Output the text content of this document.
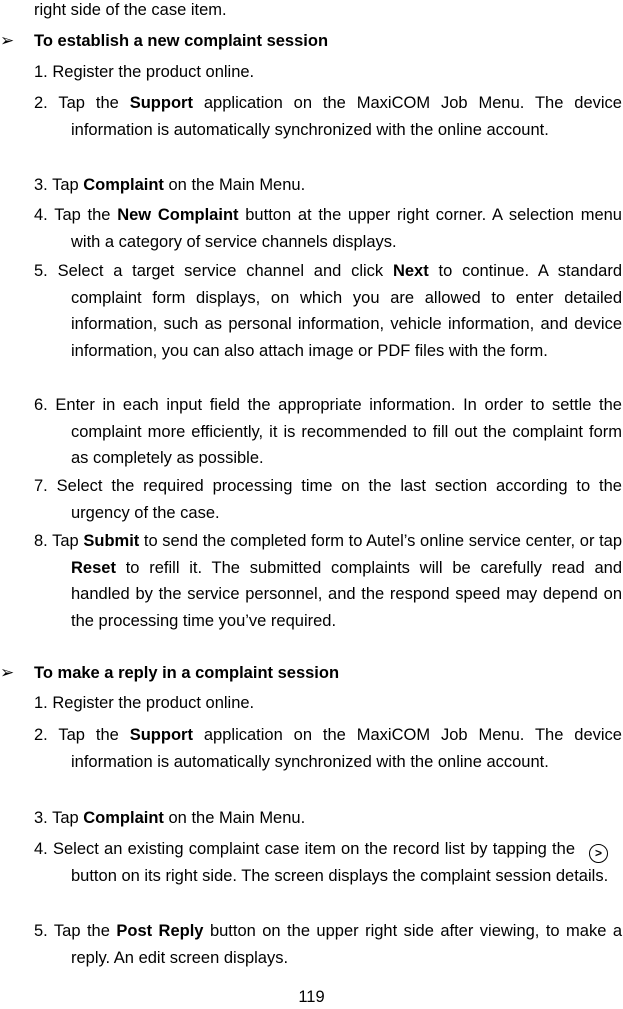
right side of the case item.

➢	To establish a new complaint session

1. Register the product online.

2. Tap the Support application on the MaxiCOM Job Menu. The device information is automatically synchronized with the online account.

3. Tap Complaint on the Main Menu.

4. Tap the New Complaint button at the upper right corner. A selection menu with a category of service channels displays.

5. Select a target service channel and click Next to continue. A standard complaint form displays, on which you are allowed to enter detailed information, such as personal information, vehicle information, and device information, you can also attach image or PDF files with the form.

6. Enter in each input field the appropriate information. In order to settle the complaint more efficiently, it is recommended to fill out the complaint form as completely as possible.

7. Select the required processing time on the last section according to the urgency of the case.

8. Tap Submit to send the completed form to Autel’s online service center, or tap Reset to refill it. The submitted complaints will be carefully read and handled by the service personnel, and the respond speed may depend on the processing time you’ve required.

➢	To make a reply in a complaint session

1. Register the product online.

2. Tap the Support application on the MaxiCOM Job Menu. The device information is automatically synchronized with the online account.

3. Tap Complaint on the Main Menu.

4. Select an existing complaint case item on the record list by tapping the >button on its right side. The screen displays the complaint session details.

5. Tap the Post Reply button on the upper right side after viewing, to make a reply. An edit screen displays.

119
